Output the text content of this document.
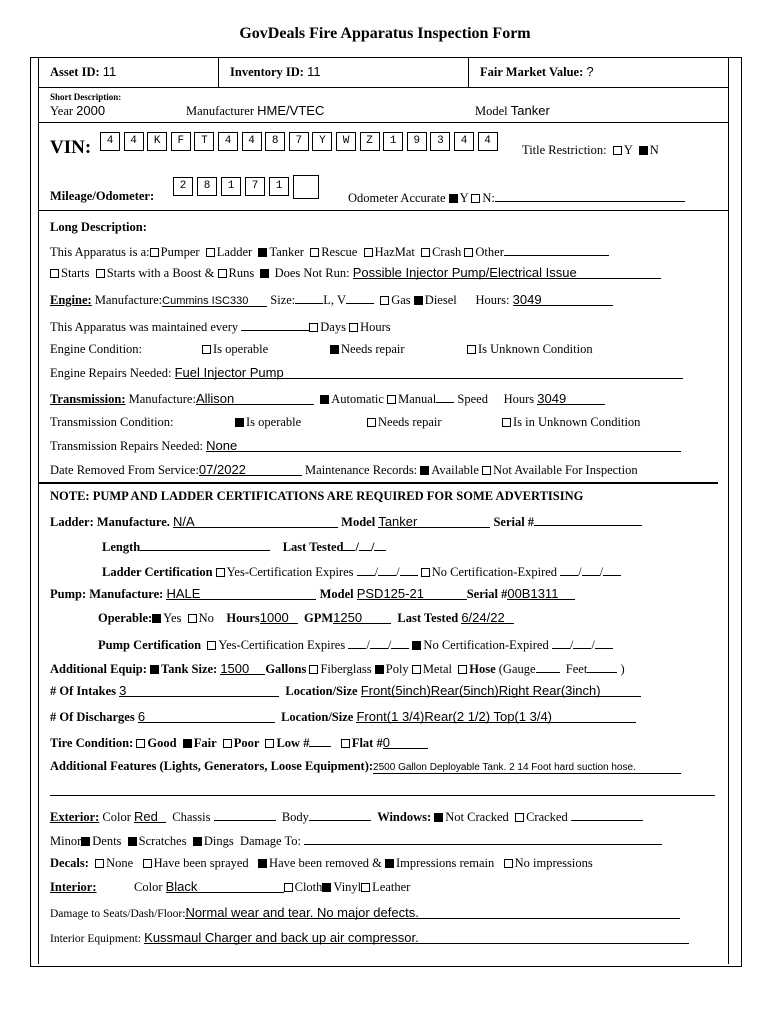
GovDeals Fire Apparatus Inspection Form
Asset ID: 11	Inventory ID: 11	Fair Market Value: ?
Short Description:
Year 2000	Manufacturer HME/VTEC	Model Tanker
VIN:	4	4	K	F	T	4	4	8	7	Y	W	Z	1	9	3	4	4
Title Restriction: Y N
Mileage/Odometer:
2	8	1	7	1
Odometer Accurate Y N:
Long Description:
This Apparatus is a: Pumper Ladder Tanker Rescue HazMat Crash Other
Starts Starts with a Boost & Runs Does Not Run: Possible Injector Pump/Electrical Issue
Engine: Manufacture:Cummins ISC330 Size: L, V	Gas Diesel Hours: 3049
This Apparatus was maintained every	Days Hours
Engine Condition:	Is operable	Needs repair	Is Unknown Condition
Engine Repairs Needed: Fuel Injector Pump
Transmission: Manufacture:Allison	Automatic Manual Speed Hours 3049
Transmission Condition:	Is operable	Needs repair	Is in Unknown Condition
Transmission Repairs Needed: None
Date Removed From Service:07/2022	Maintenance Records: Available Not Available For Inspection
NOTE: PUMP AND LADDER CERTIFICATIONS ARE REQUIRED FOR SOME ADVERTISING
Ladder: Manufacture. N/A	Model Tanker	Serial #
Length	Last Tested / /
Ladder Certification Yes-Certification Expires / /	No Certification-Expired / /
Pump: Manufacture: HALE	Model PSD125-21	Serial #00B1311
Operable: Yes No Hours1000 GPM1250	Last Tested 6/24/22
Pump Certification Yes-Certification Expires / /	No Certification-Expired / /
Additional Equip: Tank Size: 1500 Gallons Fiberglass Poly Metal Hose (Gauge Feet	)
# Of Intakes 3	Location/Size Front(5inch)Rear(5inch)Right Rear(3inch)
# Of Discharges 6	Location/Size Front(1 3/4)Rear(2 1/2) Top(1 3/4)
Tire Condition: Good Fair Poor Low #	Flat #0
Additional Features (Lights, Generators, Loose Equipment):2500 Gallon Deployable Tank. 2 14 Foot hard suction hose.
Exterior: Color Red Chassis	Body	Windows: Not Cracked Cracked
Minor Dents Scratches Dings Damage To:
Decals: None Have been sprayed Have been removed & Impressions remain No impressions
Interior:	Color Black	Cloth Vinyl Leather
Damage to Seats/Dash/Floor:Normal wear and tear. No major defects.
Interior Equipment: Kussmaul Charger and back up air compressor.
